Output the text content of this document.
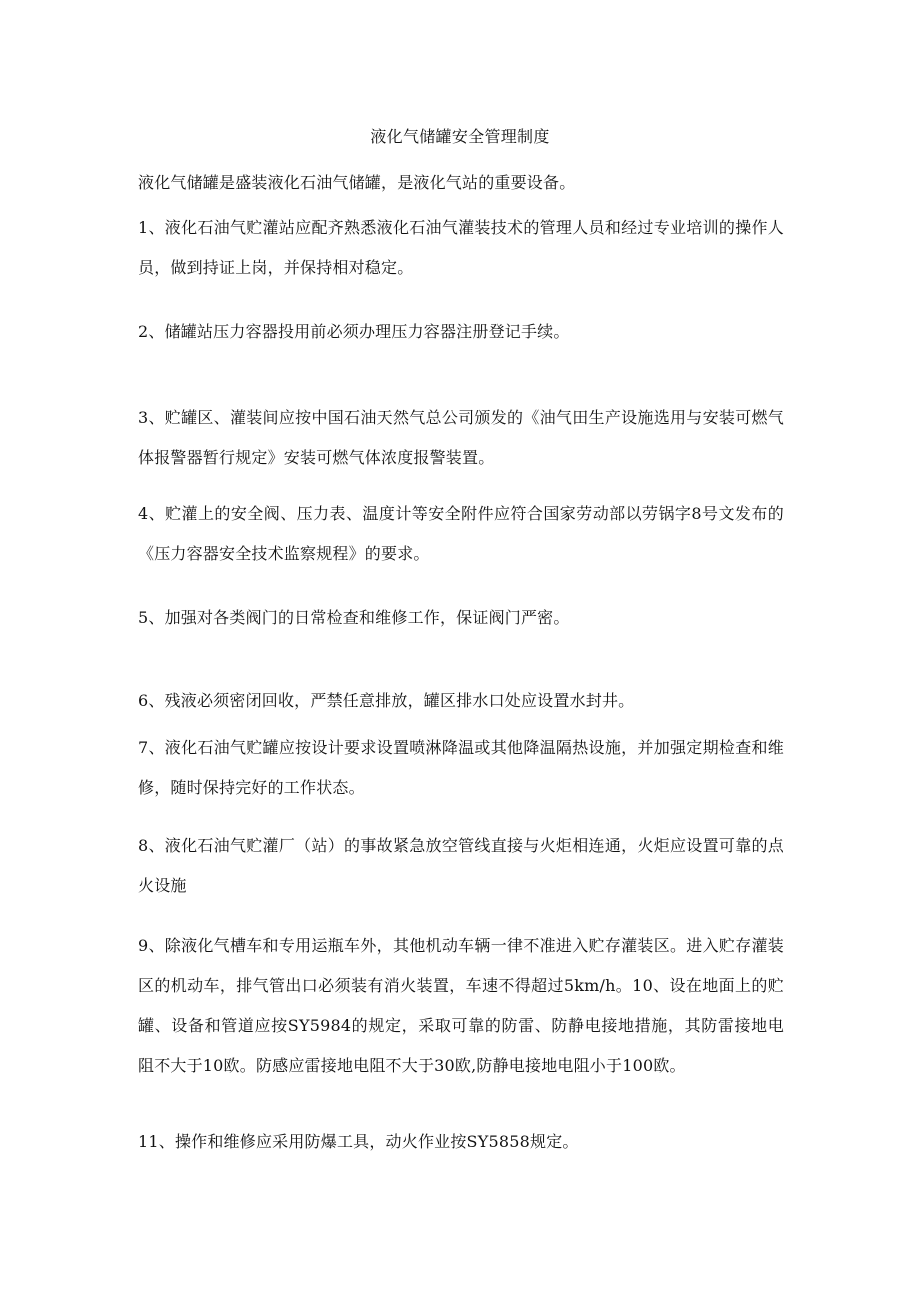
液化气储罐安全管理制度

液化气储罐是盛装液化石油气储罐，是液化气站的重要设备。

1、液化石油气贮灌站应配齐熟悉液化石油气灌装技术的管理人员和经过专业培训的操作人员，做到持证上岗，并保持相对稳定。

2、储罐站压力容器投用前必须办理压力容器注册登记手续。

3、贮罐区、灌装间应按中国石油天然气总公司颁发的《油气田生产设施选用与安装可燃气体报警器暂行规定》安装可燃气体浓度报警装置。

4、贮灌上的安全阀、压力表、温度计等安全附件应符合国家劳动部以劳锅字8号文发布的《压力容器安全技术监察规程》的要求。

5、加强对各类阀门的日常检查和维修工作，保证阀门严密。

6、残液必须密闭回收，严禁任意排放，罐区排水口处应设置水封井。

7、液化石油气贮罐应按设计要求设置喷淋降温或其他降温隔热设施，并加强定期检查和维修，随时保持完好的工作状态。

8、液化石油气贮灌厂（站）的事故紧急放空管线直接与火炬相连通，火炬应设置可靠的点火设施

9、除液化气槽车和专用运瓶车外，其他机动车辆一律不准进入贮存灌装区。进入贮存灌装区的机动车，排气管出口必须装有消火装置，车速不得超过5km∕h。10、设在地面上的贮罐、设备和管道应按SY5984的规定，采取可靠的防雷、防静电接地措施，其防雷接地电阻不大于10欧。防感应雷接地电阻不大于30欧,防静电接地电阻小于100欧。

11、操作和维修应采用防爆工具，动火作业按SY5858规定。
